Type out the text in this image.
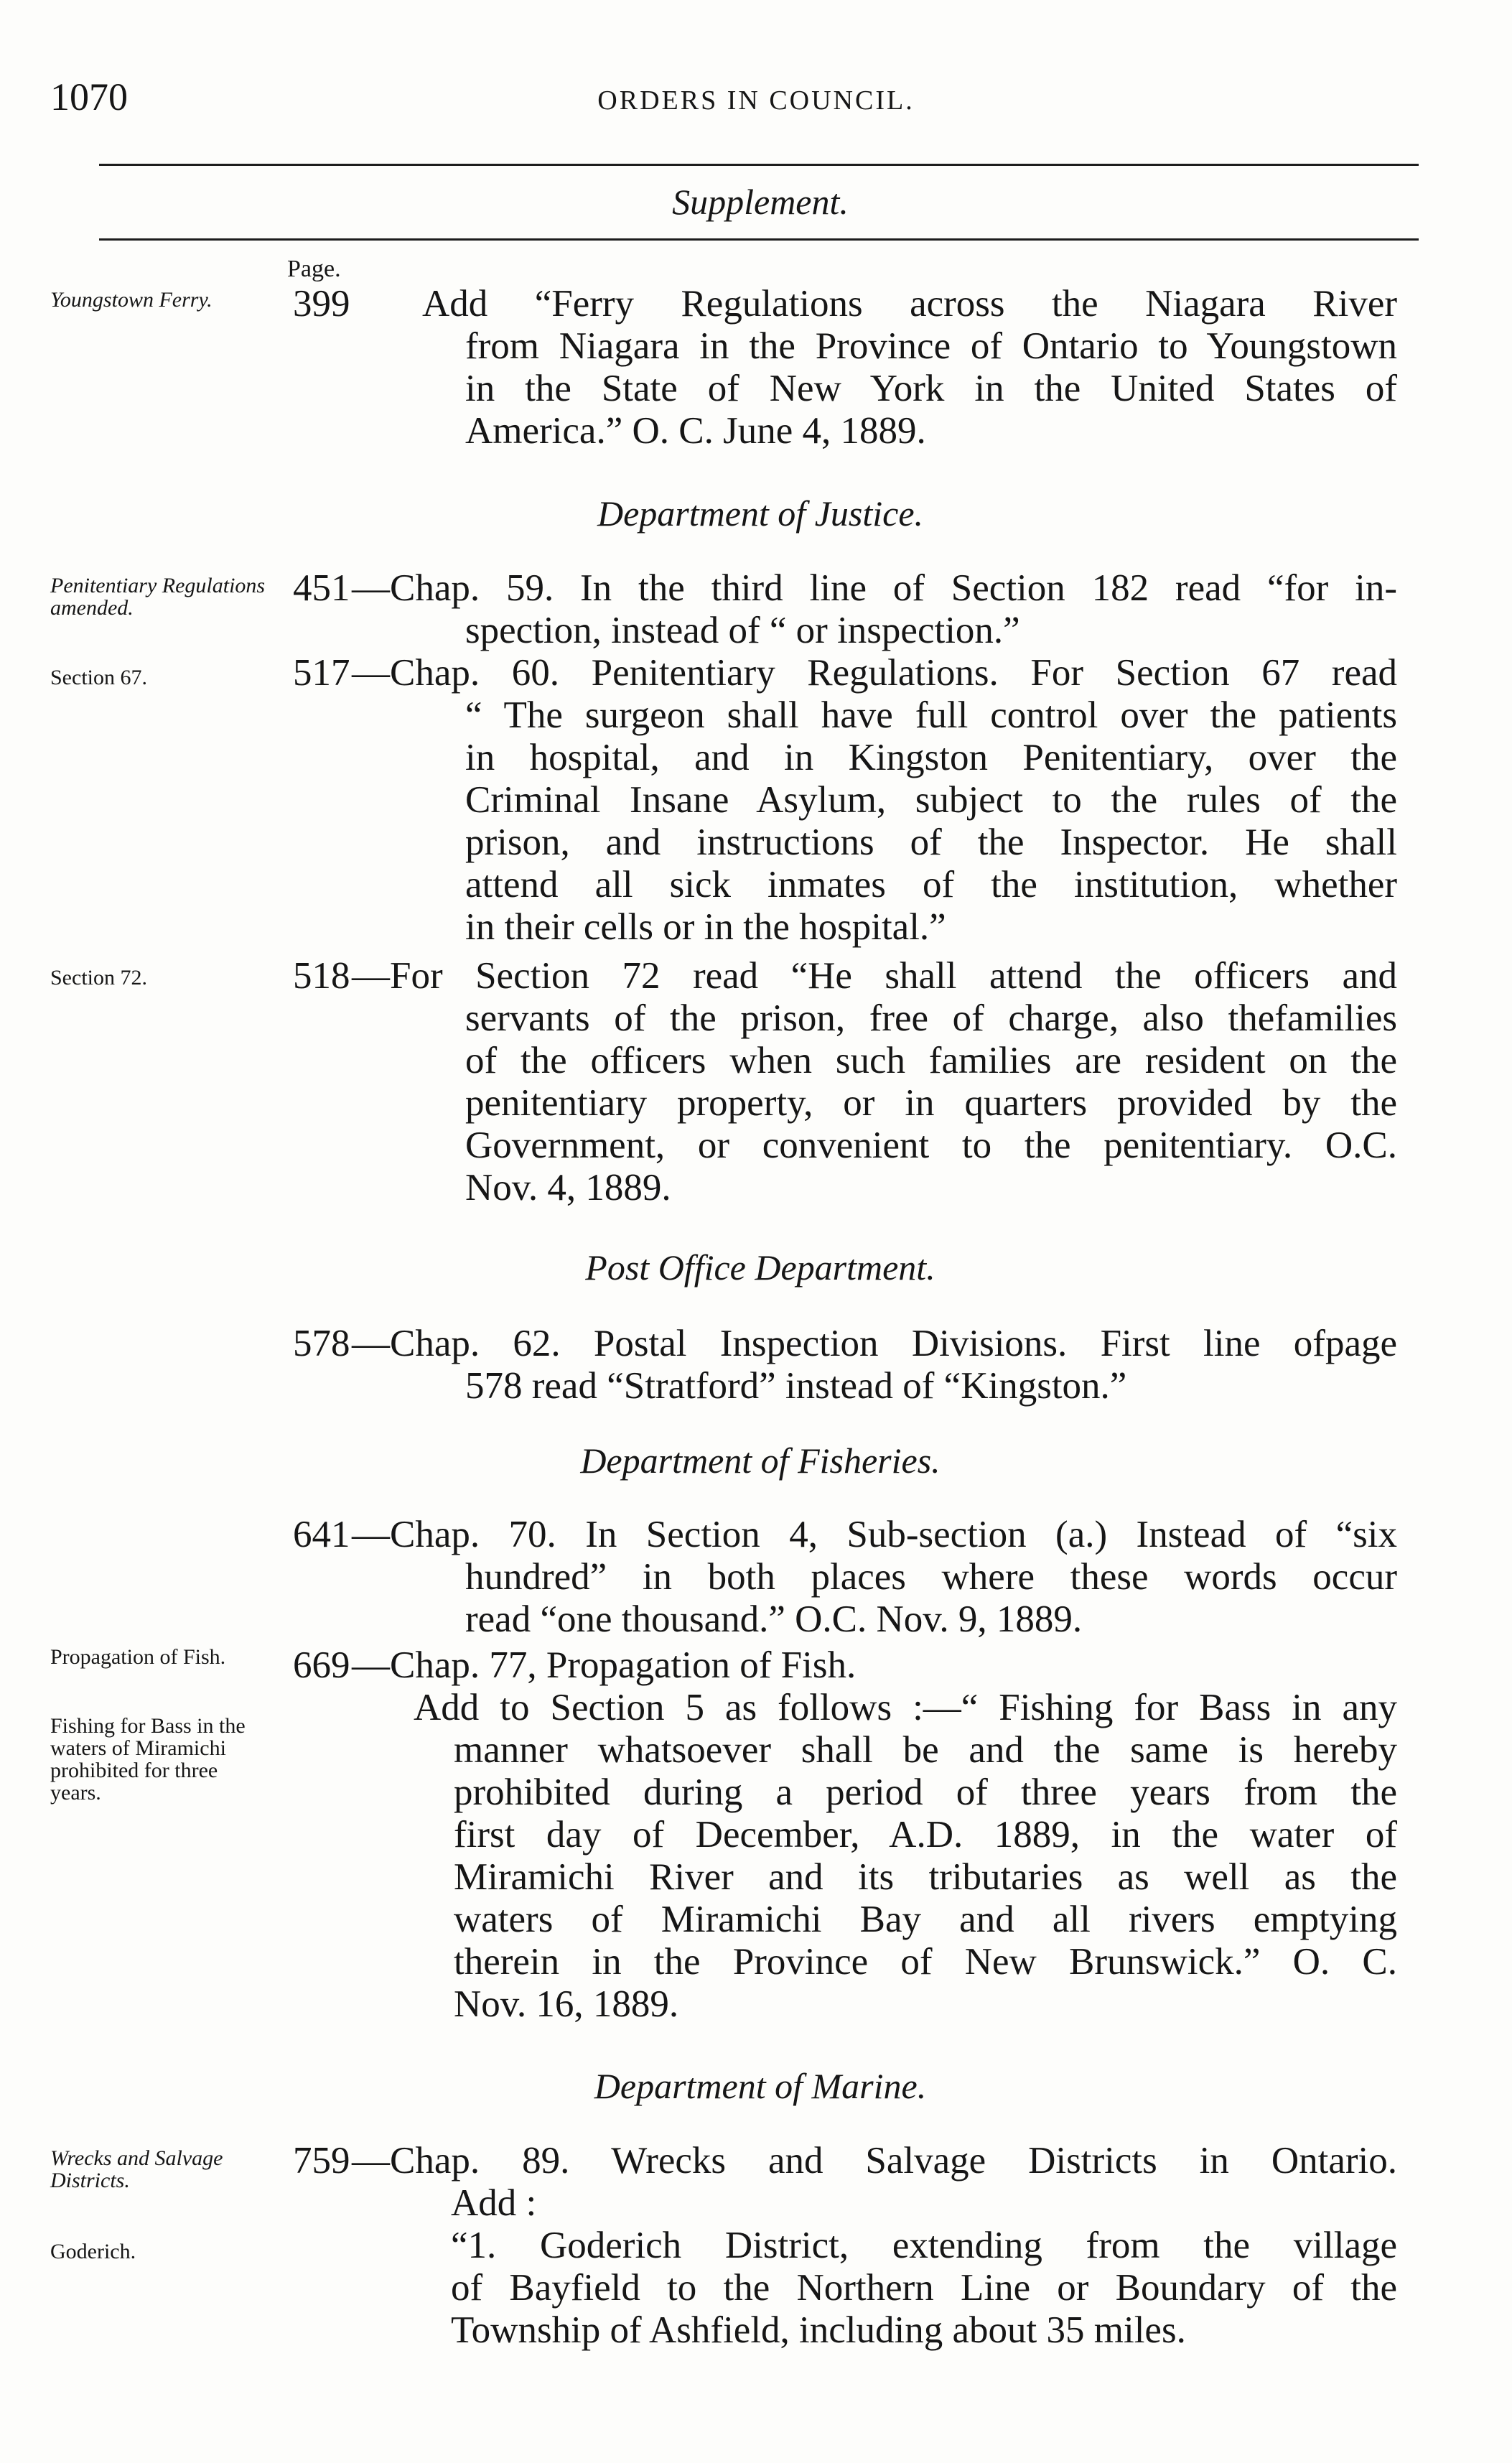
1070	ORDERS IN COUNCIL.
Supplement.
Page.
Youngstown Ferry.	399 Add “Ferry Regulations across the Niagara River
from Niagara in the Province of Ontario to Youngstown
in the State of New York in the United States of
America.” O. C. June 4, 1889.
Department of Justice.
Penitentiary Regulations amended.
Section 67.
Section 72.
451 —Chap. 59. In the third line of Section 182 read “for in-
spection, instead of “ or inspection.”
517 —Chap. 60. Penitentiary Regulations. For Section 67 read
“ The surgeon shall have full control over the patients
in hospital, and in Kingston Penitentiary, over the
Criminal Insane Asylum, subject to the rules of the
prison, and instructions of the Inspector. He shall
attend all sick inmates of the institution, whether
in their cells or in the hospital.”
518 —For Section 72 read “He shall attend the officers and
servants of the prison, free of charge, also thefamilies
of the officers when such families are resident on the
penitentiary property, or in quarters provided by the
Government, or convenient to the penitentiary. O.C.
Nov. 4, 1889.
Post Office Department.
578 —Chap. 62. Postal Inspection Divisions. First line ofpage
578 read “Stratford” instead of “Kingston.”
Department of Fisheries.
Propagation of Fish.
Fishing for Bass in the waters of Miramichi prohibited for three years.
641 —Chap. 70. In Section 4, Sub-section (a.) Instead of “six
hundred” in both places where these words occur
read “one thousand.” O.C. Nov. 9, 1889.
669 —Chap. 77, Propagation of Fish.
Add to Section 5 as follows :—“ Fishing for Bass in any
manner whatsoever shall be and the same is hereby
prohibited during a period of three years from the
first day of December, A.D. 1889, in the water of
Miramichi River and its tributaries as well as the
waters of Miramichi Bay and all rivers emptying
therein in the Province of New Brunswick.” O. C.
Nov. 16, 1889.
Department of Marine.
Wrecks and Salvage Districts.
Goderich.
759 —Chap. 89. Wrecks and Salvage Districts in Ontario.
Add :
“1. Goderich District, extending from the village
of Bayfield to the Northern Line or Boundary of the
Township of Ashfield, including about 35 miles.
